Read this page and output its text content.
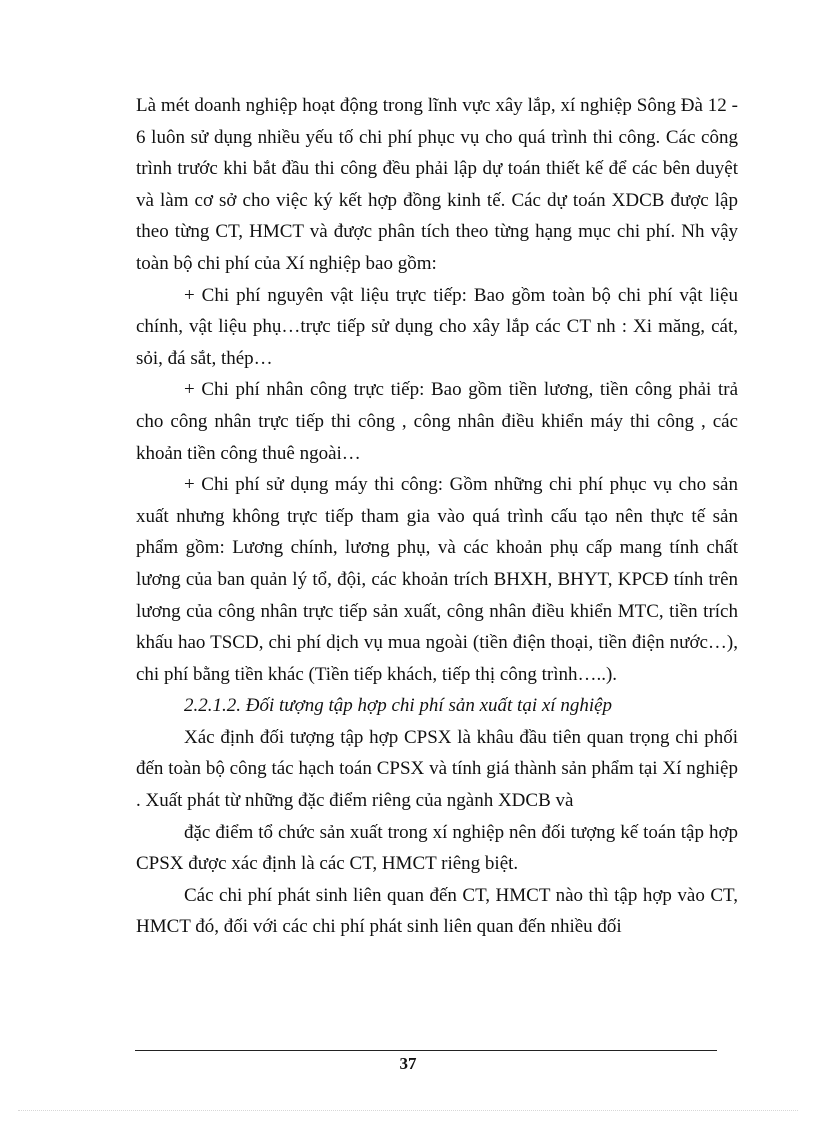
Là mét doanh nghiệp hoạt động trong lĩnh vực xây lắp, xí nghiệp Sông Đà 12 - 6 luôn sử dụng nhiều yếu tố chi phí phục vụ cho quá trình thi công. Các công trình trước khi bắt đầu thi công đều phải lập dự toán thiết kế để các bên duyệt và làm cơ sở cho việc ký kết hợp đồng kinh tế. Các dự toán XDCB được lập theo từng CT, HMCT và được phân tích theo từng hạng mục chi phí. Nh vậy toàn bộ chi phí của Xí nghiệp bao gồm:

+ Chi phí nguyên vật liệu trực tiếp: Bao gồm toàn bộ chi phí vật liệu chính, vật liệu phụ…trực tiếp sử dụng cho xây lắp các CT nh : Xi măng, cát, sỏi, đá sắt, thép…

+ Chi phí nhân công trực tiếp: Bao gồm tiền lương, tiền công phải trả cho công nhân trực tiếp thi công , công nhân điều khiển máy thi công , các khoản tiền công thuê ngoài…

+ Chi phí sử dụng máy thi công: Gồm những chi phí phục vụ cho sản xuất nhưng không trực tiếp tham gia vào quá trình cấu tạo nên thực tế sản phẩm gồm: Lương chính, lương phụ, và các khoản phụ cấp mang tính chất lương của ban quản lý tổ, đội, các khoản trích BHXH, BHYT, KPCĐ tính trên lương của công nhân trực tiếp sản xuất, công nhân điều khiển MTC, tiền trích khấu hao TSCD, chi phí dịch vụ mua ngoài (tiền điện thoại, tiền điện nước…), chi phí bằng tiền khác (Tiền tiếp khách, tiếp thị công trình…..).

2.2.1.2. Đối tượng tập hợp chi phí sản xuất tại xí nghiệp

Xác định đối tượng tập hợp CPSX là khâu đầu tiên quan trọng chi phối đến toàn bộ công tác hạch toán CPSX và tính giá thành sản phẩm tại Xí nghiệp . Xuất phát từ những đặc điểm riêng của ngành XDCB và

đặc điểm tổ chức sản xuất trong xí nghiệp nên đối tượng kế toán tập hợp CPSX được xác định là các CT, HMCT riêng biệt.

Các chi phí phát sinh liên quan đến CT, HMCT nào thì tập hợp vào CT, HMCT đó, đối với các chi phí phát sinh liên quan đến nhiều đối

37
